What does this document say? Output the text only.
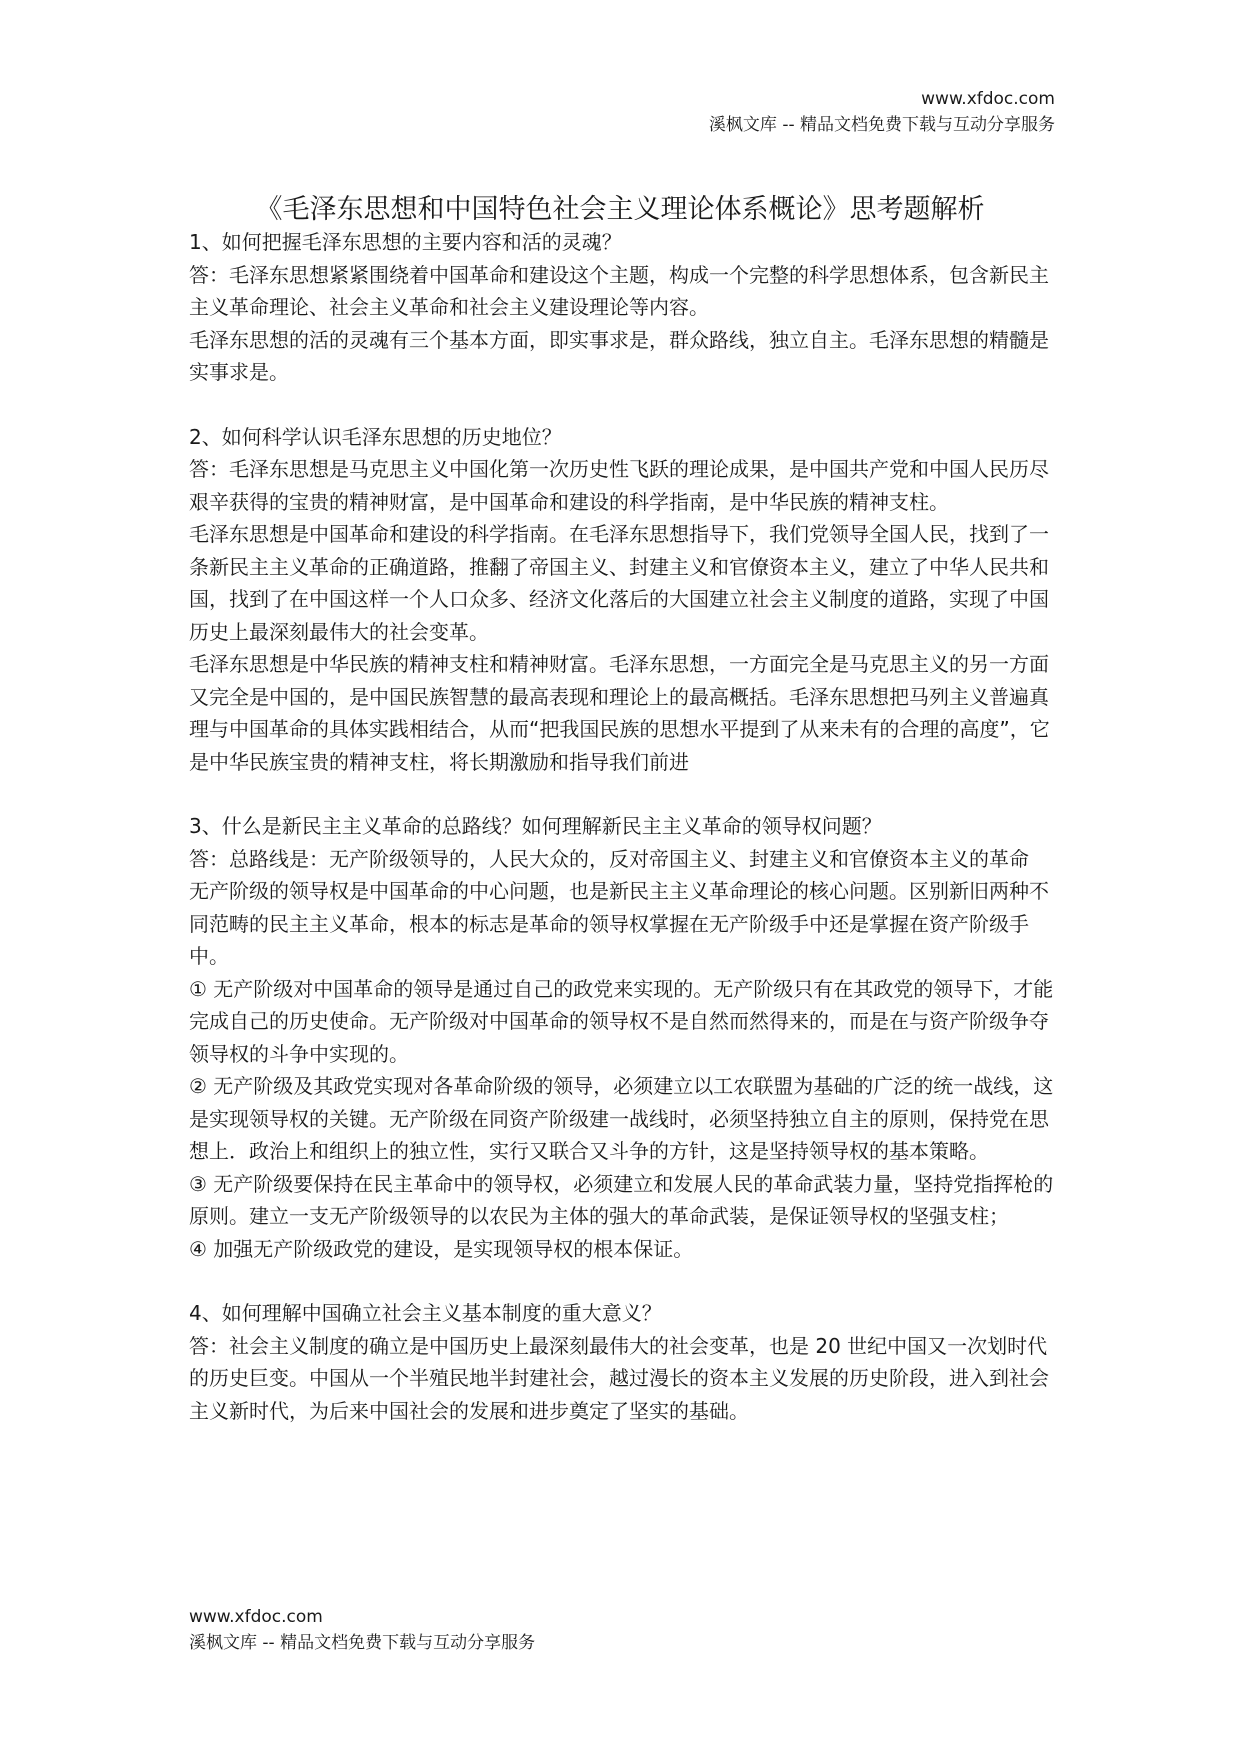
www.xfdoc.com
溪枫文库 -- 精品文档免费下载与互动分享服务
《毛泽东思想和中国特色社会主义理论体系概论》思考题解析

1、如何把握毛泽东思想的主要内容和活的灵魂？

答：毛泽东思想紧紧围绕着中国革命和建设这个主题，构成一个完整的科学思想体系，包含新民主主义革命理论、社会主义革命和社会主义建设理论等内容。

毛泽东思想的活的灵魂有三个基本方面，即实事求是，群众路线，独立自主。毛泽东思想的精髓是实事求是。

2、如何科学认识毛泽东思想的历史地位？

答：毛泽东思想是马克思主义中国化第一次历史性飞跃的理论成果，是中国共产党和中国人民历尽艰辛获得的宝贵的精神财富，是中国革命和建设的科学指南，是中华民族的精神支柱。

毛泽东思想是中国革命和建设的科学指南。在毛泽东思想指导下，我们党领导全国人民，找到了一条新民主主义革命的正确道路，推翻了帝国主义、封建主义和官僚资本主义，建立了中华人民共和国，找到了在中国这样一个人口众多、经济文化落后的大国建立社会主义制度的道路，实现了中国历史上最深刻最伟大的社会变革。

毛泽东思想是中华民族的精神支柱和精神财富。毛泽东思想，一方面完全是马克思主义的另一方面又完全是中国的，是中国民族智慧的最高表现和理论上的最高概括。毛泽东思想把马列主义普遍真理与中国革命的具体实践相结合，从而“把我国民族的思想水平提到了从来未有的合理的高度”，它是中华民族宝贵的精神支柱，将长期激励和指导我们前进

3、什么是新民主主义革命的总路线？如何理解新民主主义革命的领导权问题？

答：总路线是：无产阶级领导的，人民大众的，反对帝国主义、封建主义和官僚资本主义的革命

无产阶级的领导权是中国革命的中心问题，也是新民主主义革命理论的核心问题。区别新旧两种不同范畴的民主主义革命，根本的标志是革命的领导权掌握在无产阶级手中还是掌握在资产阶级手中。

① 无产阶级对中国革命的领导是通过自己的政党来实现的。无产阶级只有在其政党的领导下，才能完成自己的历史使命。无产阶级对中国革命的领导权不是自然而然得来的，而是在与资产阶级争夺领导权的斗争中实现的。

② 无产阶级及其政党实现对各革命阶级的领导，必须建立以工农联盟为基础的广泛的统一战线，这是实现领导权的关键。无产阶级在同资产阶级建一战线时，必须坚持独立自主的原则，保持党在思想上．政治上和组织上的独立性，实行又联合又斗争的方针，这是坚持领导权的基本策略。

③ 无产阶级要保持在民主革命中的领导权，必须建立和发展人民的革命武装力量，坚持党指挥枪的原则。建立一支无产阶级领导的以农民为主体的强大的革命武装，是保证领导权的坚强支柱；

④ 加强无产阶级政党的建设，是实现领导权的根本保证。

4、如何理解中国确立社会主义基本制度的重大意义？

答：社会主义制度的确立是中国历史上最深刻最伟大的社会变革，也是 20 世纪中国又一次划时代的历史巨变。中国从一个半殖民地半封建社会，越过漫长的资本主义发展的历史阶段，进入到社会主义新时代，为后来中国社会的发展和进步奠定了坚实的基础。

www.xfdoc.com
溪枫文库 -- 精品文档免费下载与互动分享服务
